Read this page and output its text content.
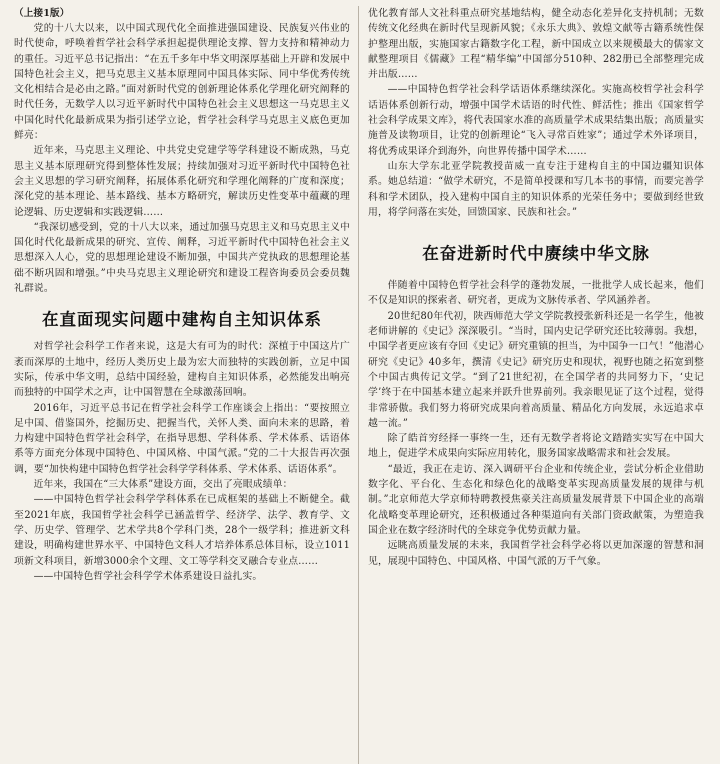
（上接1版）

党的十八大以来，以中国式现代化全面推进强国建设、民族复兴伟业的时代使命，呼唤着哲学社会科学承担起提供理论支撑、智力支持和精神动力的重任。习近平总书记指出：“在五千多年中华文明深厚基础上开辟和发展中国特色社会主义，把马克思主义基本原理同中国具体实际、同中华优秀传统文化相结合是必由之路。”面对新时代党的创新理论体系化学理化研究阐释的时代任务，无数学人以习近平新时代中国特色社会主义思想这一马克思主义中国化时代化最新成果为指引述学立论，哲学社会科学马克思主义底色更加鲜亮：

近年来，马克思主义理论、中共党史党建学等学科建设不断成熟，马克思主义基本原理研究得到整体性发展；持续加强对习近平新时代中国特色社会主义思想的学习研究阐释，拓展体系化研究和学理化阐释的广度和深度；深化党的基本理论、基本路线、基本方略研究，解读历史性变革中蕴藏的理论逻辑、历史逻辑和实践逻辑……

“我深切感受到，党的十八大以来，通过加强马克思主义和马克思主义中国化时代化最新成果的研究、宣传、阐释，习近平新时代中国特色社会主义思想深入人心，党的思想理论建设不断加强，中国共产党执政的思想理论基础不断巩固和增强。”中央马克思主义理论研究和建设工程咨询委员会委员魏礼群说。

在直面现实问题中建构自主知识体系

对哲学社会科学工作者来说，这是大有可为的时代：深植于中国这片广袤而深厚的土地中，经历人类历史上最为宏大而独特的实践创新，立足中国实际，传承中华文明，总结中国经验，建构自主知识体系，必然能发出响亮而独特的中国学术之声，让中国智慧在全球激荡回响。

2016年，习近平总书记在哲学社会科学工作座谈会上指出：“要按照立足中国、借鉴国外，挖掘历史、把握当代，关怀人类、面向未来的思路，着力构建中国特色哲学社会科学，在指导思想、学科体系、学术体系、话语体系等方面充分体现中国特色、中国风格、中国气派。”党的二十大报告再次强调，要“加快构建中国特色哲学社会科学学科体系、学术体系、话语体系”。

近年来，我国在“三大体系”建设方面，交出了亮眼成绩单：

——中国特色哲学社会科学学科体系在已成框架的基础上不断健全。截至2021年底，我国哲学社会科学已涵盖哲学、经济学、法学、教育学、文学、历史学、管理学、艺术学共8个学科门类，28个一级学科；推进新文科建设，明确构建世界水平、中国特色文科人才培养体系总体目标，设立1011项新文科项目，新增3000余个文理、文工等学科交叉融合专业点……

——中国特色哲学社会科学学术体系建设日益扎实。

优化教育部人文社科重点研究基地结构，健全动态化差异化支持机制；无数传统文化经典在新时代呈现新风貌；《永乐大典》、敦煌文献等古籍系统性保护整理出版，实施国家古籍数字化工程，新中国成立以来规模最大的儒家文献整理项目《儒藏》工程“精华编”中国部分510种、282册已全部整理完成并出版……

——中国特色哲学社会科学话语体系继续深化。实施高校哲学社会科学话语体系创新行动，增强中国学术话语的时代性、鲜活性；推出《国家哲学社会科学成果文库》，将代表国家水准的高质量学术成果结集出版；高质量实施普及读物项目，让党的创新理论“飞入寻常百姓家”；通过学术外译项目，将优秀成果译介到海外，向世界传播中国学术……

山东大学东北亚学院教授苗威一直专注于建构自主的中国边疆知识体系。她总结道：“做学术研究，不是简单授课和写几本书的事情，而要完善学科和学术团队，投入建构中国自主的知识体系的光荣任务中；要做到经世致用，将学问落在实处，回馈国家、民族和社会。”

在奋进新时代中赓续中华文脉

伴随着中国特色哲学社会科学的蓬勃发展，一批批学人成长起来，他们不仅是知识的探索者、研究者，更成为文脉传承者、学风涵养者。

20世纪80年代初，陕西师范大学文学院教授张新科还是一名学生，他被老师讲解的《史记》深深吸引。“当时，国内史记学研究还比较薄弱。我想，中国学者更应该有夺回《史记》研究重镇的担当，为中国争一口气！”他潜心研究《史记》40多年，撰清《史记》研究历史和现状，视野也随之拓宽到整个中国古典传记文学。“到了21世纪初，在全国学者的共同努力下，‘史记学’终于在中国基本建立起来并跃升世界前列。我亲眼见证了这个过程，觉得非常骄傲。我们努力将研究成果向着高质量、精品化方向发展，永远追求卓越一流。”

除了皓首穷经择一事终一生，还有无数学者将论文踏踏实实写在中国大地上，促进学术成果向实际应用转化，服务国家战略需求和社会发展。

“最近，我正在走访、深入调研平台企业和传统企业，尝试分析企业借助数字化、平台化、生态化和绿色化的战略变革实现高质量发展的规律与机制。”北京师范大学京师特聘教授焦豪关注高质量发展背景下中国企业的高端化战略变革理论研究，还积极通过各种渠道向有关部门资政献策，为塑造我国企业在数字经济时代的全球竞争优势贡献力量。

远眺高质量发展的未来，我国哲学社会科学必将以更加深邃的智慧和洞见，展现中国特色、中国风格、中国气派的万千气象。
